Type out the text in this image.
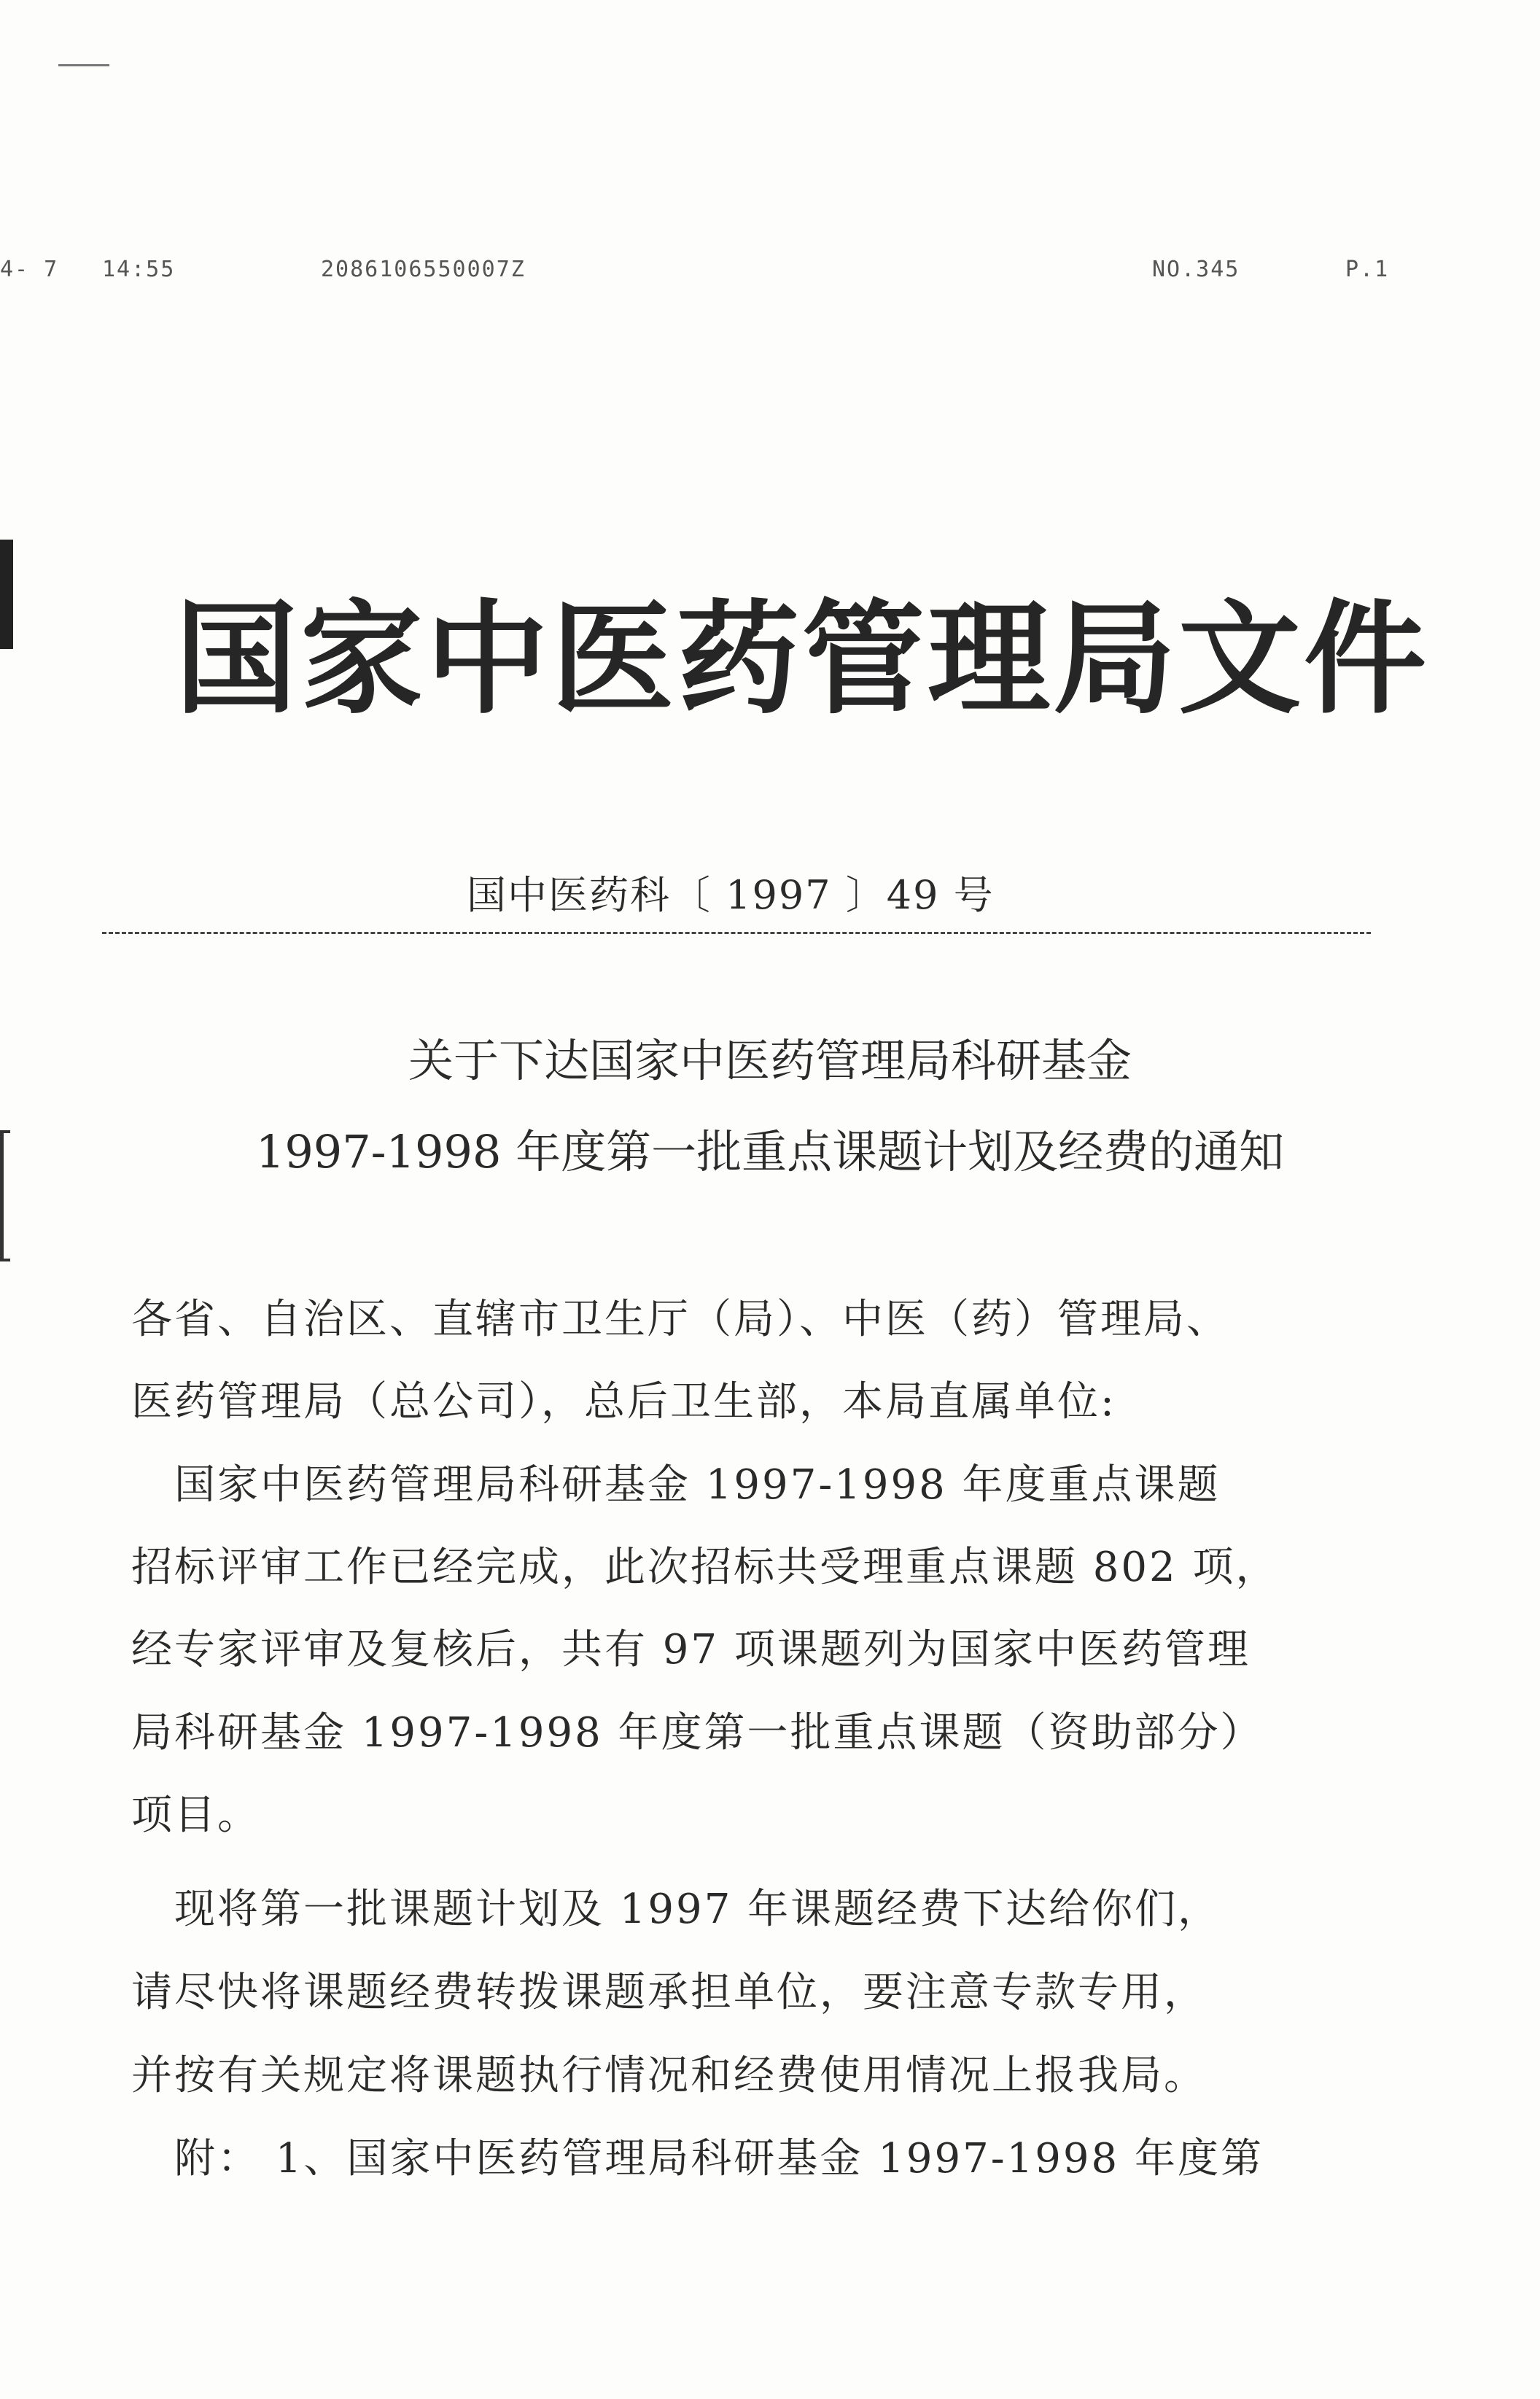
4- 7 14:55	2086106550007Z	NO.345	P.1
国家中医药管理局文件
国中医药科〔 1997 〕49 号
关于下达国家中医药管理局科研基金
1997-1998 年度第一批重点课题计划及经费的通知
各省、自治区、直辖市卫生厅（局）、中医（药）管理局、
医药管理局（总公司），总后卫生部，本局直属单位:
　国家中医药管理局科研基金 1997-1998 年度重点课题
招标评审工作已经完成，此次招标共受理重点课题 802 项，
经专家评审及复核后，共有 97 项课题列为国家中医药管理
局科研基金 1997-1998 年度第一批重点课题（资助部分）
项目。
　现将第一批课题计划及 1997 年课题经费下达给你们，
请尽快将课题经费转拨课题承担单位，要注意专款专用，
并按有关规定将课题执行情况和经费使用情况上报我局。
　附： 1、国家中医药管理局科研基金 1997-1998 年度第
